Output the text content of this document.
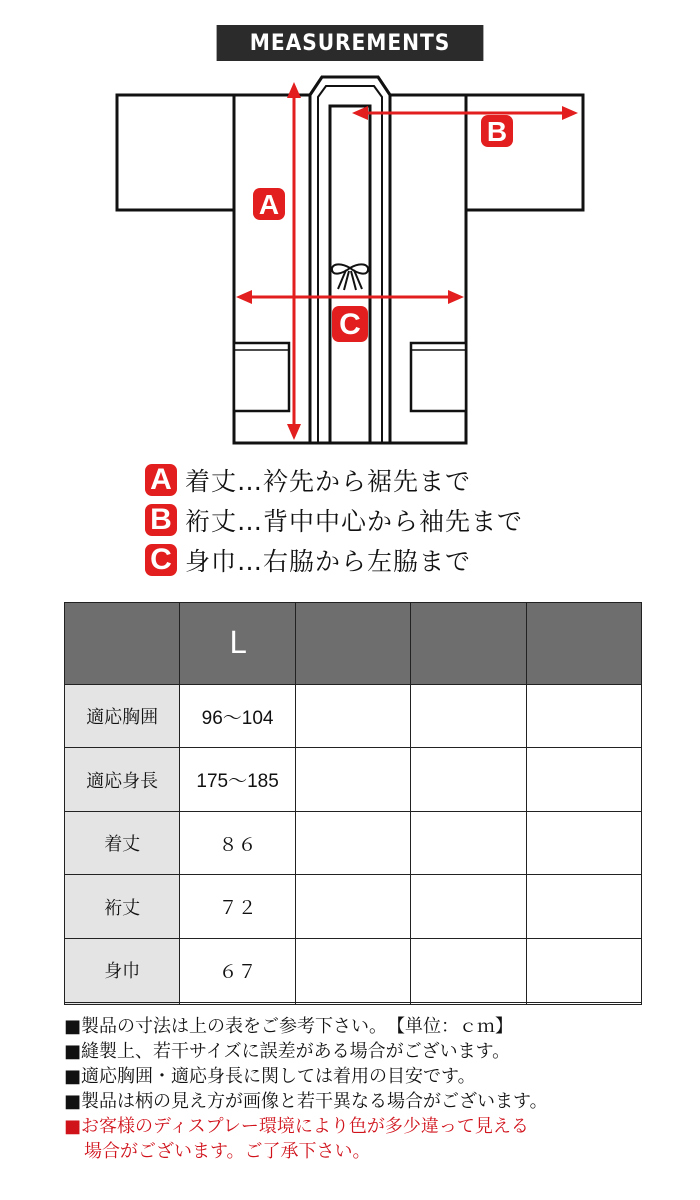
MEASUREMENTS
A
B
C
A 着丈…衿先から裾先まで
B 裄丈…背中中心から袖先まで
C 身巾…右脇から左脇まで
	L			
適応胸囲	96〜104			
適応身長	175〜185			
着丈	８６			
裄丈	７２			
身巾	６７			

■製品の寸法は上の表をご参考下さい。　【単位：ｃｍ】
■縫製上、若干サイズに誤差がある場合がございます。
■適応胸囲・適応身長に関しては着用の目安です。
■製品は柄の見え方が画像と若干異なる場合がございます。
■お客様のディスプレー環境により色が多少違って見える
場合がございます。ご了承下さい。
